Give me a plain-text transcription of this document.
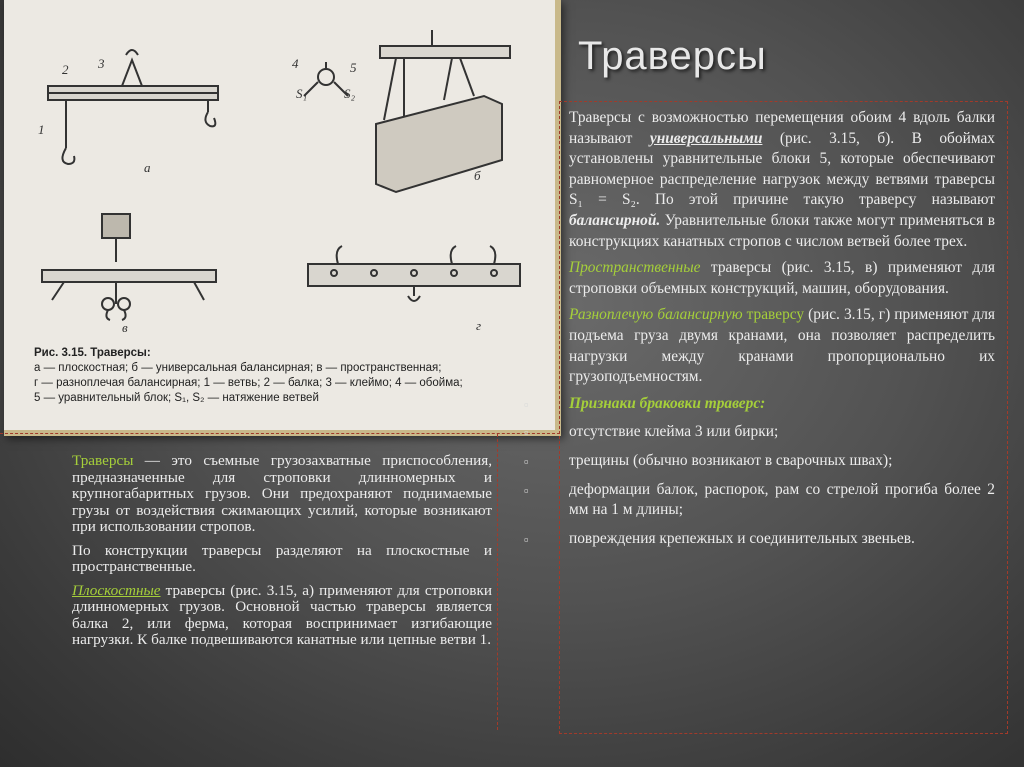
Траверсы
а
б
в	г
1
2 3	4	5
S₁	S₂
Рис. 3.15. Траверсы:
а — плоскостная; б — универсальная балансирная; в — пространственная;
г — разноплечая балансирная; 1 — ветвь; 2 — балка; 3 — клеймо; 4 — обойма;
5 — уравнительный блок; S₁, S₂ — натяжение ветвей

Траверсы с возможностью перемещения обоим 4 вдоль балки называют универсальными (рис. 3.15, б). В обоймах установлены уравнительные блоки 5, которые обеспечивают равномерное распределение нагрузок между ветвями траверсы S₁ = S₂. По этой причине такую траверсу называют балансирной. Уравнительные блоки также могут применяться в конструкциях канатных стропов с числом ветвей более трех.

Пространственные траверсы (рис. 3.15, в) применяют для строповки объемных конструкций, машин, оборудования.

Разноплечую балансирную траверсу (рис. 3.15, г) применяют для подъема груза двумя кранами, она позволяет распределить нагрузки между кранами пропорционально их грузоподъемностям.

▫	Признаки браковки траверс:
▫	отсутствие клейма 3 или бирки;
▫	трещины (обычно возникают в сварочных швах);
▫	деформации балок, распорок, рам со стрелой прогиба более 2 мм на 1 м длины;
▫	повреждения крепежных и соединительных звеньев.

Траверсы — это съемные грузозахватные приспособления, предназначенные для строповки длинномерных и крупногабаритных грузов. Они предохраняют поднимаемые грузы от воздействия сжимающих усилий, которые возникают при использовании стропов.

По конструкции траверсы разделяют на плоскостные и пространственные.

Плоскостные траверсы (рис. 3.15, а) применяют для строповки длинномерных грузов. Основной частью траверсы является балка 2, или ферма, которая воспринимает изгибающие нагрузки. К балке подвешиваются канатные или цепные ветви 1.
